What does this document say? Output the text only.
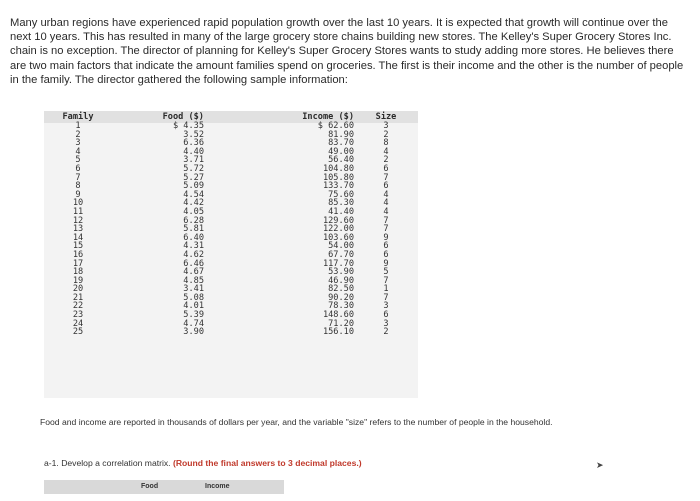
Many urban regions have experienced rapid population growth over the last 10 years. It is expected that growth will continue over the next 10 years. This has resulted in many of the large grocery store chains building new stores. The Kelley's Super Grocery Stores Inc. chain is no exception. The director of planning for Kelley's Super Grocery Stores wants to study adding more stores. He believes there are two main factors that indicate the amount families spend on groceries. The first is their income and the other is the number of people in the family. The director gathered the following sample information:

Family	Food ($)	Income ($)	Size
1	$ 4.35	$ 62.60	3
2	3.52	81.90	2
3	6.36	83.70	8
4	4.40	49.00	4
5	3.71	56.40	2
6	5.72	104.80	6
7	5.27	105.80	7
8	5.09	133.70	6
9	4.54	75.60	4
10	4.42	85.30	4
11	4.05	41.40	4
12	6.28	129.60	7
13	5.81	122.00	7
14	6.40	103.60	9
15	4.31	54.00	6
16	4.62	67.70	6
17	6.46	117.70	9
18	4.67	53.90	5
19	4.85	46.90	7
20	3.41	82.50	1
21	5.08	90.20	7
22	4.01	78.30	3
23	5.39	148.60	6
24	4.74	71.20	3
25	3.90	156.10	2

Food and income are reported in thousands of dollars per year, and the variable "size" refers to the number of people in the household.

a-1. Develop a correlation matrix. (Round the final answers to 3 decimal places.)	➤
Food	Income
